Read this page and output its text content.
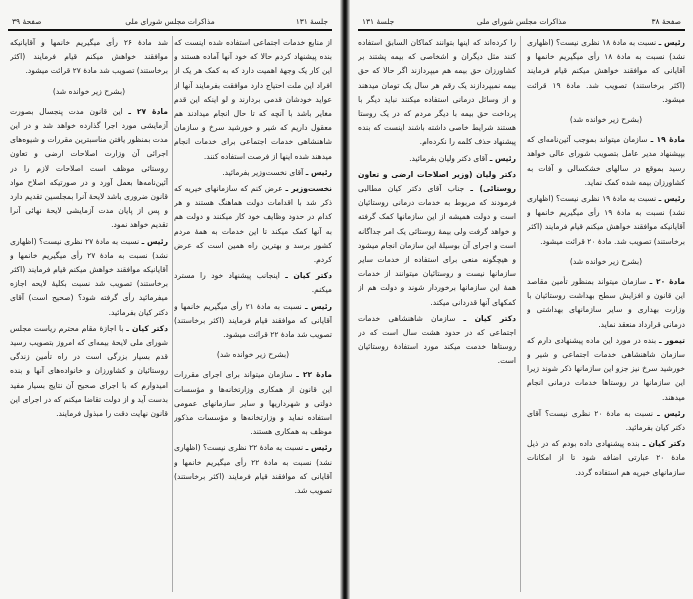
جلسهٔ ۱۳۱
مذاکرات مجلس شورای ملی
صفحهٔ ۳۹

از منابع خدمات اجتماعی استفاده شده اینست که بنده پیشنهاد کردم حالا که خود آنها آماده هستند و این کار یک وجههٔ اهمیت دارد که به کمک هر یک از افراد این ملت احتیاج دارد موافقت بفرمایند آنها از عواید خودشان قدمی بردارند و لو اینکه این قدم مغایر باشد با آنچه که تا حال انجام میدادند هم معقول داریم که شیر و خورشید سرخ و سازمان شاهنشاهی خدمات اجتماعی برای خدمات انجام میدهند شده اینها از فرصت استفاده کنند.

رئیس ـ آقای نخست‌وزیر بفرمائید.

نخست‌وزیر ـ عرض کنم که سازمانهای خیریه که ذکر شد با اقدامات دولت هماهنگ هستند و هر کدام در حدود وظایف خود کار میکنند و دولت هم به آنها کمک میکند تا این خدمات به همهٔ مردم کشور برسد و بهترین راه همین است که عرض کردم.

دکتر کیان ـ اینجانب پیشنهاد خود را مسترد میکنم.

رئیس ـ نسبت به مادهٔ ۲۱ رأی میگیریم خانمها و آقایانی که موافقند قیام فرمایند (اکثر برخاستند) تصویب شد مادهٔ ۲۲ قرائت میشود.

(بشرح زیر خوانده شد)

مادهٔ ۲۲ ـ سازمان میتواند برای اجرای مقررات این قانون از همکاری وزارتخانه‌ها و مؤسسات دولتی و شهرداریها و سایر سازمانهای عمومی استفاده نماید و وزارتخانه‌ها و مؤسسات مذکور موظف به همکاری هستند.

رئیس ـ نسبت به مادهٔ ۲۲ نظری نیست؟ (اظهاری نشد) نسبت به مادهٔ ۲۲ رأی میگیریم خانمها و آقایانی که موافقند قیام فرمایند (اکثر برخاستند) تصویب شد.

شد مادهٔ ۲۶ رأی میگیریم خانمها و آقایانیکه موافقند خواهش میکنم قیام فرمایند (اکثر برخاستند) تصویب شد مادهٔ ۲۷ قرائت میشود.

(بشرح زیر خوانده شد)

مادهٔ ۲۷ ـ این قانون مدت پنجسال بصورت آزمایشی مورد اجرا گذارده خواهد شد و در این مدت بمنظور یافتن مناسبترین مقررات و شیوه‌های اجرائی آن وزارت اصلاحات ارضی و تعاون روستائی موظف است اصلاحات لازم را در آئین‌نامه‌ها بعمل آورد و در صورتیکه اصلاح مواد قانون ضروری باشد لایحهٔ آنرا بمجلسین تقدیم دارد و پس از پایان مدت آزمایشی لایحهٔ نهائی آنرا تقدیم خواهد نمود.

رئیس ـ نسبت به مادهٔ ۲۷ نظری نیست؟ (اظهاری نشد) نسبت به مادهٔ ۲۷ رأی میگیریم خانمها و آقایانیکه موافقند خواهش میکنم قیام فرمایند (اکثر برخاستند) تصویب شد نسبت بکلیهٔ لایحه اجازه میفرمائید رأی گرفته شود؟ (صحیح است) آقای دکتر کیان بفرمائید.

دکتر کیان ـ با اجازهٔ مقام محترم ریاست مجلس شورای ملی لایحهٔ بیمه‌ای که امروز بتصویب رسید قدم بسیار بزرگی است در راه تأمین زندگی روستائیان و کشاورزان و خانواده‌های آنها و بنده امیدوارم که با اجرای صحیح آن نتایج بسیار مفید بدست آید و از دولت تقاضا میکنم که در اجرای این قانون نهایت دقت را مبذول فرمایند.

صفحهٔ ۳۸
مذاکرات مجلس شورای ملی
جلسهٔ ۱۳۱

رئیس ـ نسبت به مادهٔ ۱۸ نظری نیست؟ (اظهاری نشد) نسبت به مادهٔ ۱۸ رأی میگیریم خانمها و آقایانی که موافقند خواهش میکنم قیام فرمایند (اکثر برخاستند) تصویب شد. مادهٔ ۱۹ قرائت میشود.

(بشرح زیر خوانده شد)

مادهٔ ۱۹ ـ سازمان میتواند بموجب آئین‌نامه‌ای که بپیشنهاد مدیر عامل بتصویب شورای عالی خواهد رسید بموقع در سالهای خشکسالی و آفات به کشاورزان بیمه شده کمک نماید.

رئیس ـ نسبت به مادهٔ ۱۹ نظری نیست؟ (اظهاری نشد) نسبت به مادهٔ ۱۹ رأی میگیریم خانمها و آقایانیکه موافقند خواهش میکنم قیام فرمایند (اکثر برخاستند) تصویب شد. مادهٔ ۲۰ قرائت میشود.

(بشرح زیر خوانده شد)

مادهٔ ۲۰ ـ سازمان میتواند بمنظور تأمین مقاصد این قانون و افزایش سطح بهداشت روستائیان با وزارت بهداری و سایر سازمانهای بهداشتی و درمانی قرارداد منعقد نماید.

تیمور ـ بنده در مورد این ماده پیشنهادی دارم که سازمان شاهنشاهی خدمات اجتماعی و شیر و خورشید سرخ نیز جزو این سازمانها ذکر شوند زیرا این سازمانها در روستاها خدمات درمانی انجام میدهند.

رئیس ـ نسبت به مادهٔ ۲۰ نظری نیست؟ آقای دکتر کیان بفرمائید.

دکتر کیان ـ بنده پیشنهادی داده بودم که در ذیل مادهٔ ۲۰ عبارتی اضافه شود تا از امکانات سازمانهای خیریه هم استفاده گردد.

را کرده‌اند که اینها بتوانند کماکان السابق استفاده کنند مثل دیگران و اشخاصی که بیمه پشتند بر کشاورزان حق بیمه هم میپردازند اگر حالا که حق بیمه نمیپردازند یک رقم هر سال یک تومان میدهند و از وسائل درمانی استفاده میکنند نباید دیگر با پرداخت حق بیمه با دیگر مردم که در یک روستا هستند شرایط خاصی داشته باشند اینست که بنده پیشنهاد حذف کلمه را نکرده‌ام.

رئیس ـ آقای دکتر ولیان بفرمائید.

دکتر ولیان (وزیر اصلاحات ارضی و تعاون روستائی) ـ جناب آقای دکتر کیان مطالبی فرمودند که مربوط به خدمات درمانی روستائیان است و دولت همیشه از این سازمانها کمک گرفته و خواهد گرفت ولی بیمهٔ روستائی یک امر جداگانه است و اجرای آن بوسیلهٔ این سازمان انجام میشود و هیچگونه منعی برای استفاده از خدمات سایر سازمانها نیست و روستائیان میتوانند از خدمات همهٔ این سازمانها برخوردار شوند و دولت هم از کمکهای آنها قدردانی میکند.

دکتر کیان ـ سازمان شاهنشاهی خدمات اجتماعی که در حدود هشت سال است که در روستاها خدمت میکند مورد استفادهٔ روستائیان است.
